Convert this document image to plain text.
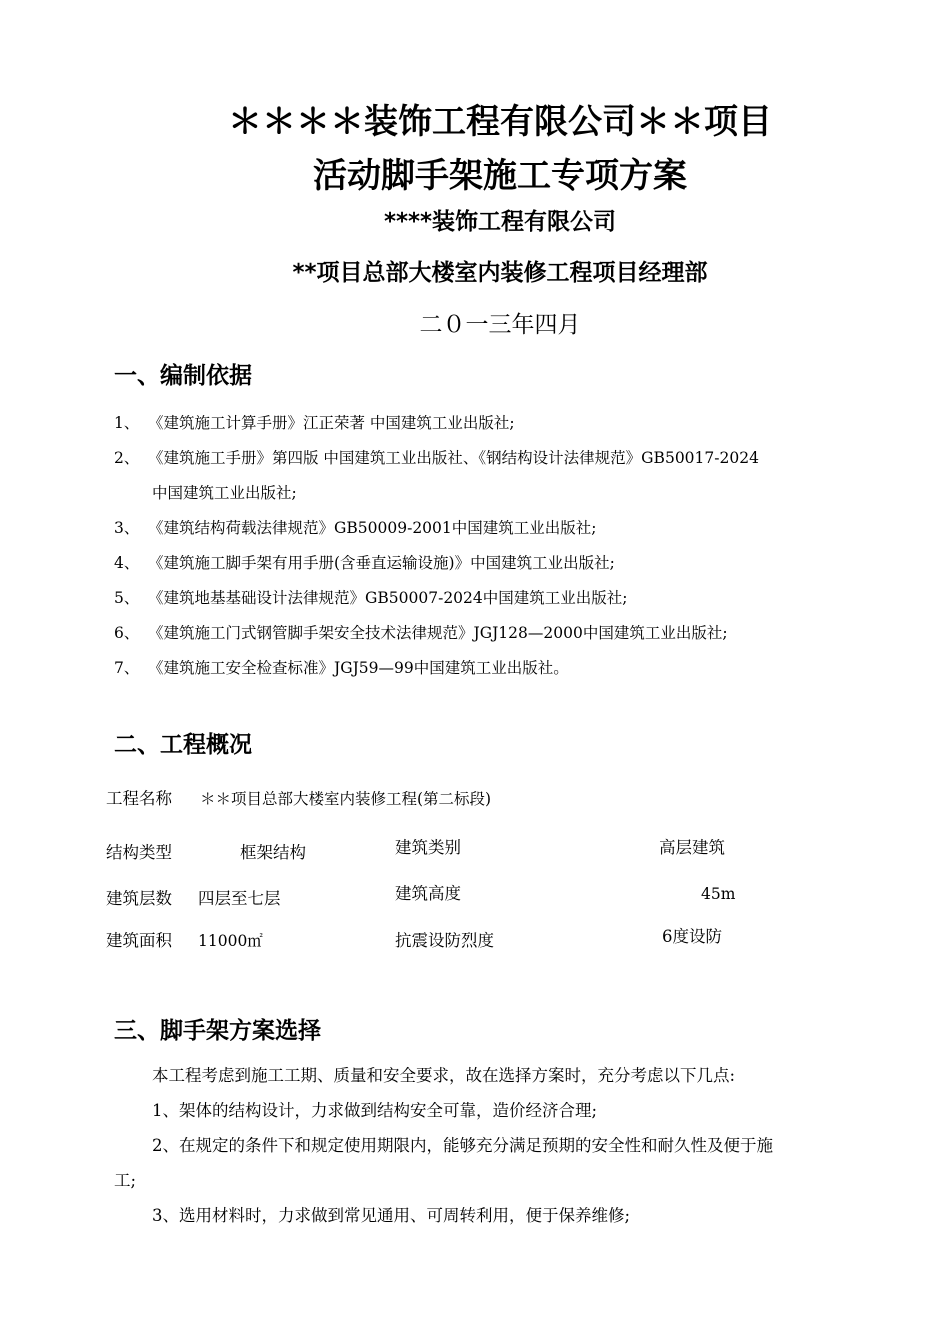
＊＊＊＊装饰工程有限公司＊＊项目
活动脚手架施工专项方案
****装饰工程有限公司
**项目总部大楼室内装修工程项目经理部
二０一三年四月
一、编制依据
1、 《建筑施工计算手册》江正荣著 中国建筑工业出版社;
2、 《建筑施工手册》第四版 中国建筑工业出版社、《钢结构设计法律规范》GB50017-2024
中国建筑工业出版社;
3、 《建筑结构荷载法律规范》GB50009-2001中国建筑工业出版社;
4、 《建筑施工脚手架有用手册(含垂直运输设施)》中国建筑工业出版社;
5、 《建筑地基基础设计法律规范》GB50007-2024中国建筑工业出版社;
6、 《建筑施工门式钢管脚手架安全技术法律规范》JGJ128—2000中国建筑工业出版社;
7、 《建筑施工安全检查标准》JGJ59—99中国建筑工业出版社。
二、工程概况
工程名称 ＊＊项目总部大楼室内装修工程(第二标段)
结构类型	框架结构	建筑类别	高层建筑
建筑层数 四层至七层	建筑高度	45m
建筑面积 11000㎡	抗震设防烈度	6度设防
三、脚手架方案选择
本工程考虑到施工工期、质量和安全要求，故在选择方案时，充分考虑以下几点:
1、架体的结构设计，力求做到结构安全可靠，造价经济合理;
2、在规定的条件下和规定使用期限内，能够充分满足预期的安全性和耐久性及便于施
工;
3、选用材料时，力求做到常见通用、可周转利用，便于保养维修;
